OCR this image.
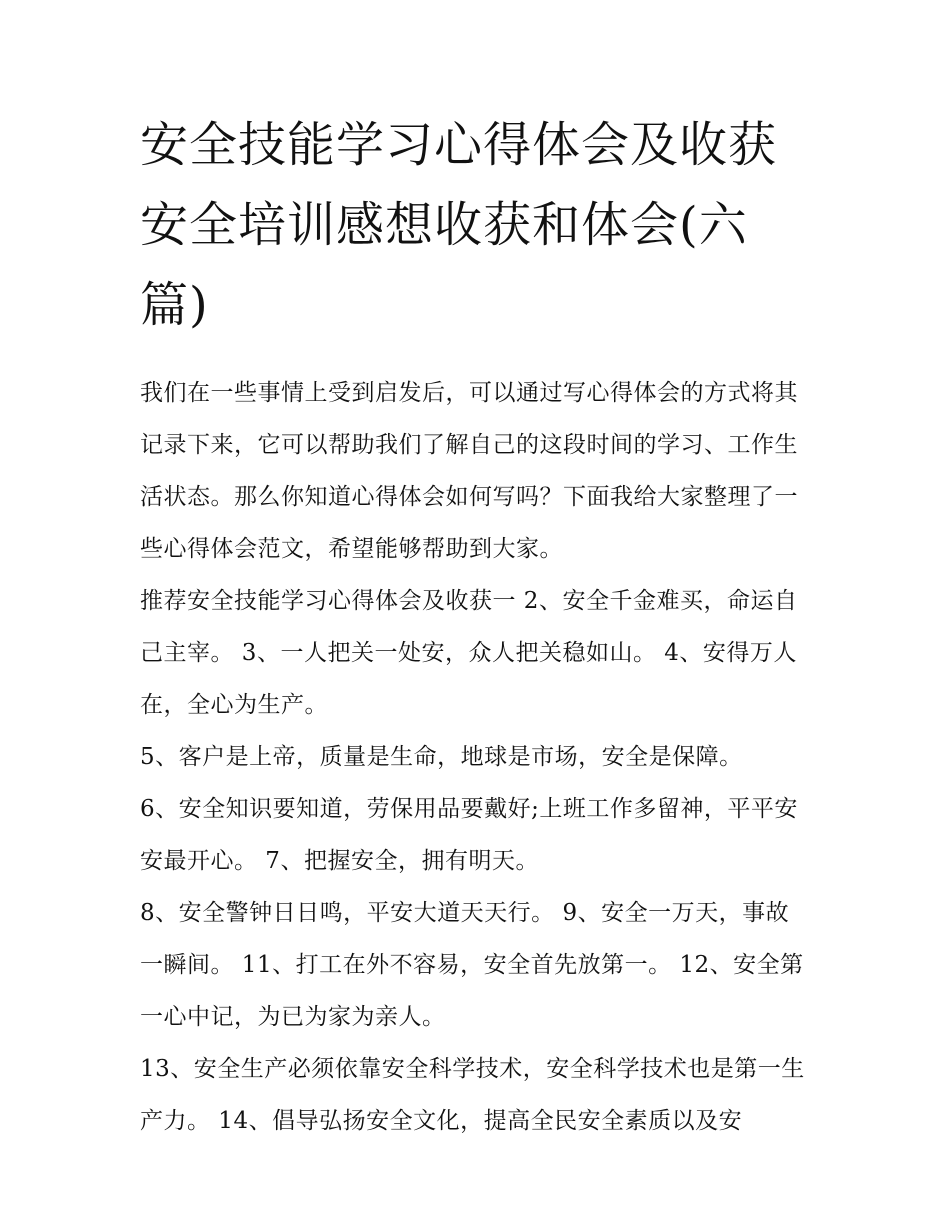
安全技能学习心得体会及收获
安全培训感想收获和体会(六
篇)

我们在一些事情上受到启发后，可以通过写心得体会的方式将其记录下来，它可以帮助我们了解自己的这段时间的学习、工作生活状态。那么你知道心得体会如何写吗？下面我给大家整理了一些心得体会范文，希望能够帮助到大家。

推荐安全技能学习心得体会及收获一 2、安全千金难买，命运自己主宰。 3、一人把关一处安，众人把关稳如山。 4、安得万人在，全心为生产。

5、客户是上帝，质量是生命，地球是市场，安全是保障。

6、安全知识要知道，劳保用品要戴好;上班工作多留神，平平安安最开心。 7、把握安全，拥有明天。

8、安全警钟日日鸣，平安大道天天行。 9、安全一万天，事故一瞬间。 11、打工在外不容易，安全首先放第一。 12、安全第一心中记，为已为家为亲人。

13、安全生产必须依靠安全科学技术，安全科学技术也是第一生产力。 14、倡导弘扬安全文化，提高全民安全素质以及安
